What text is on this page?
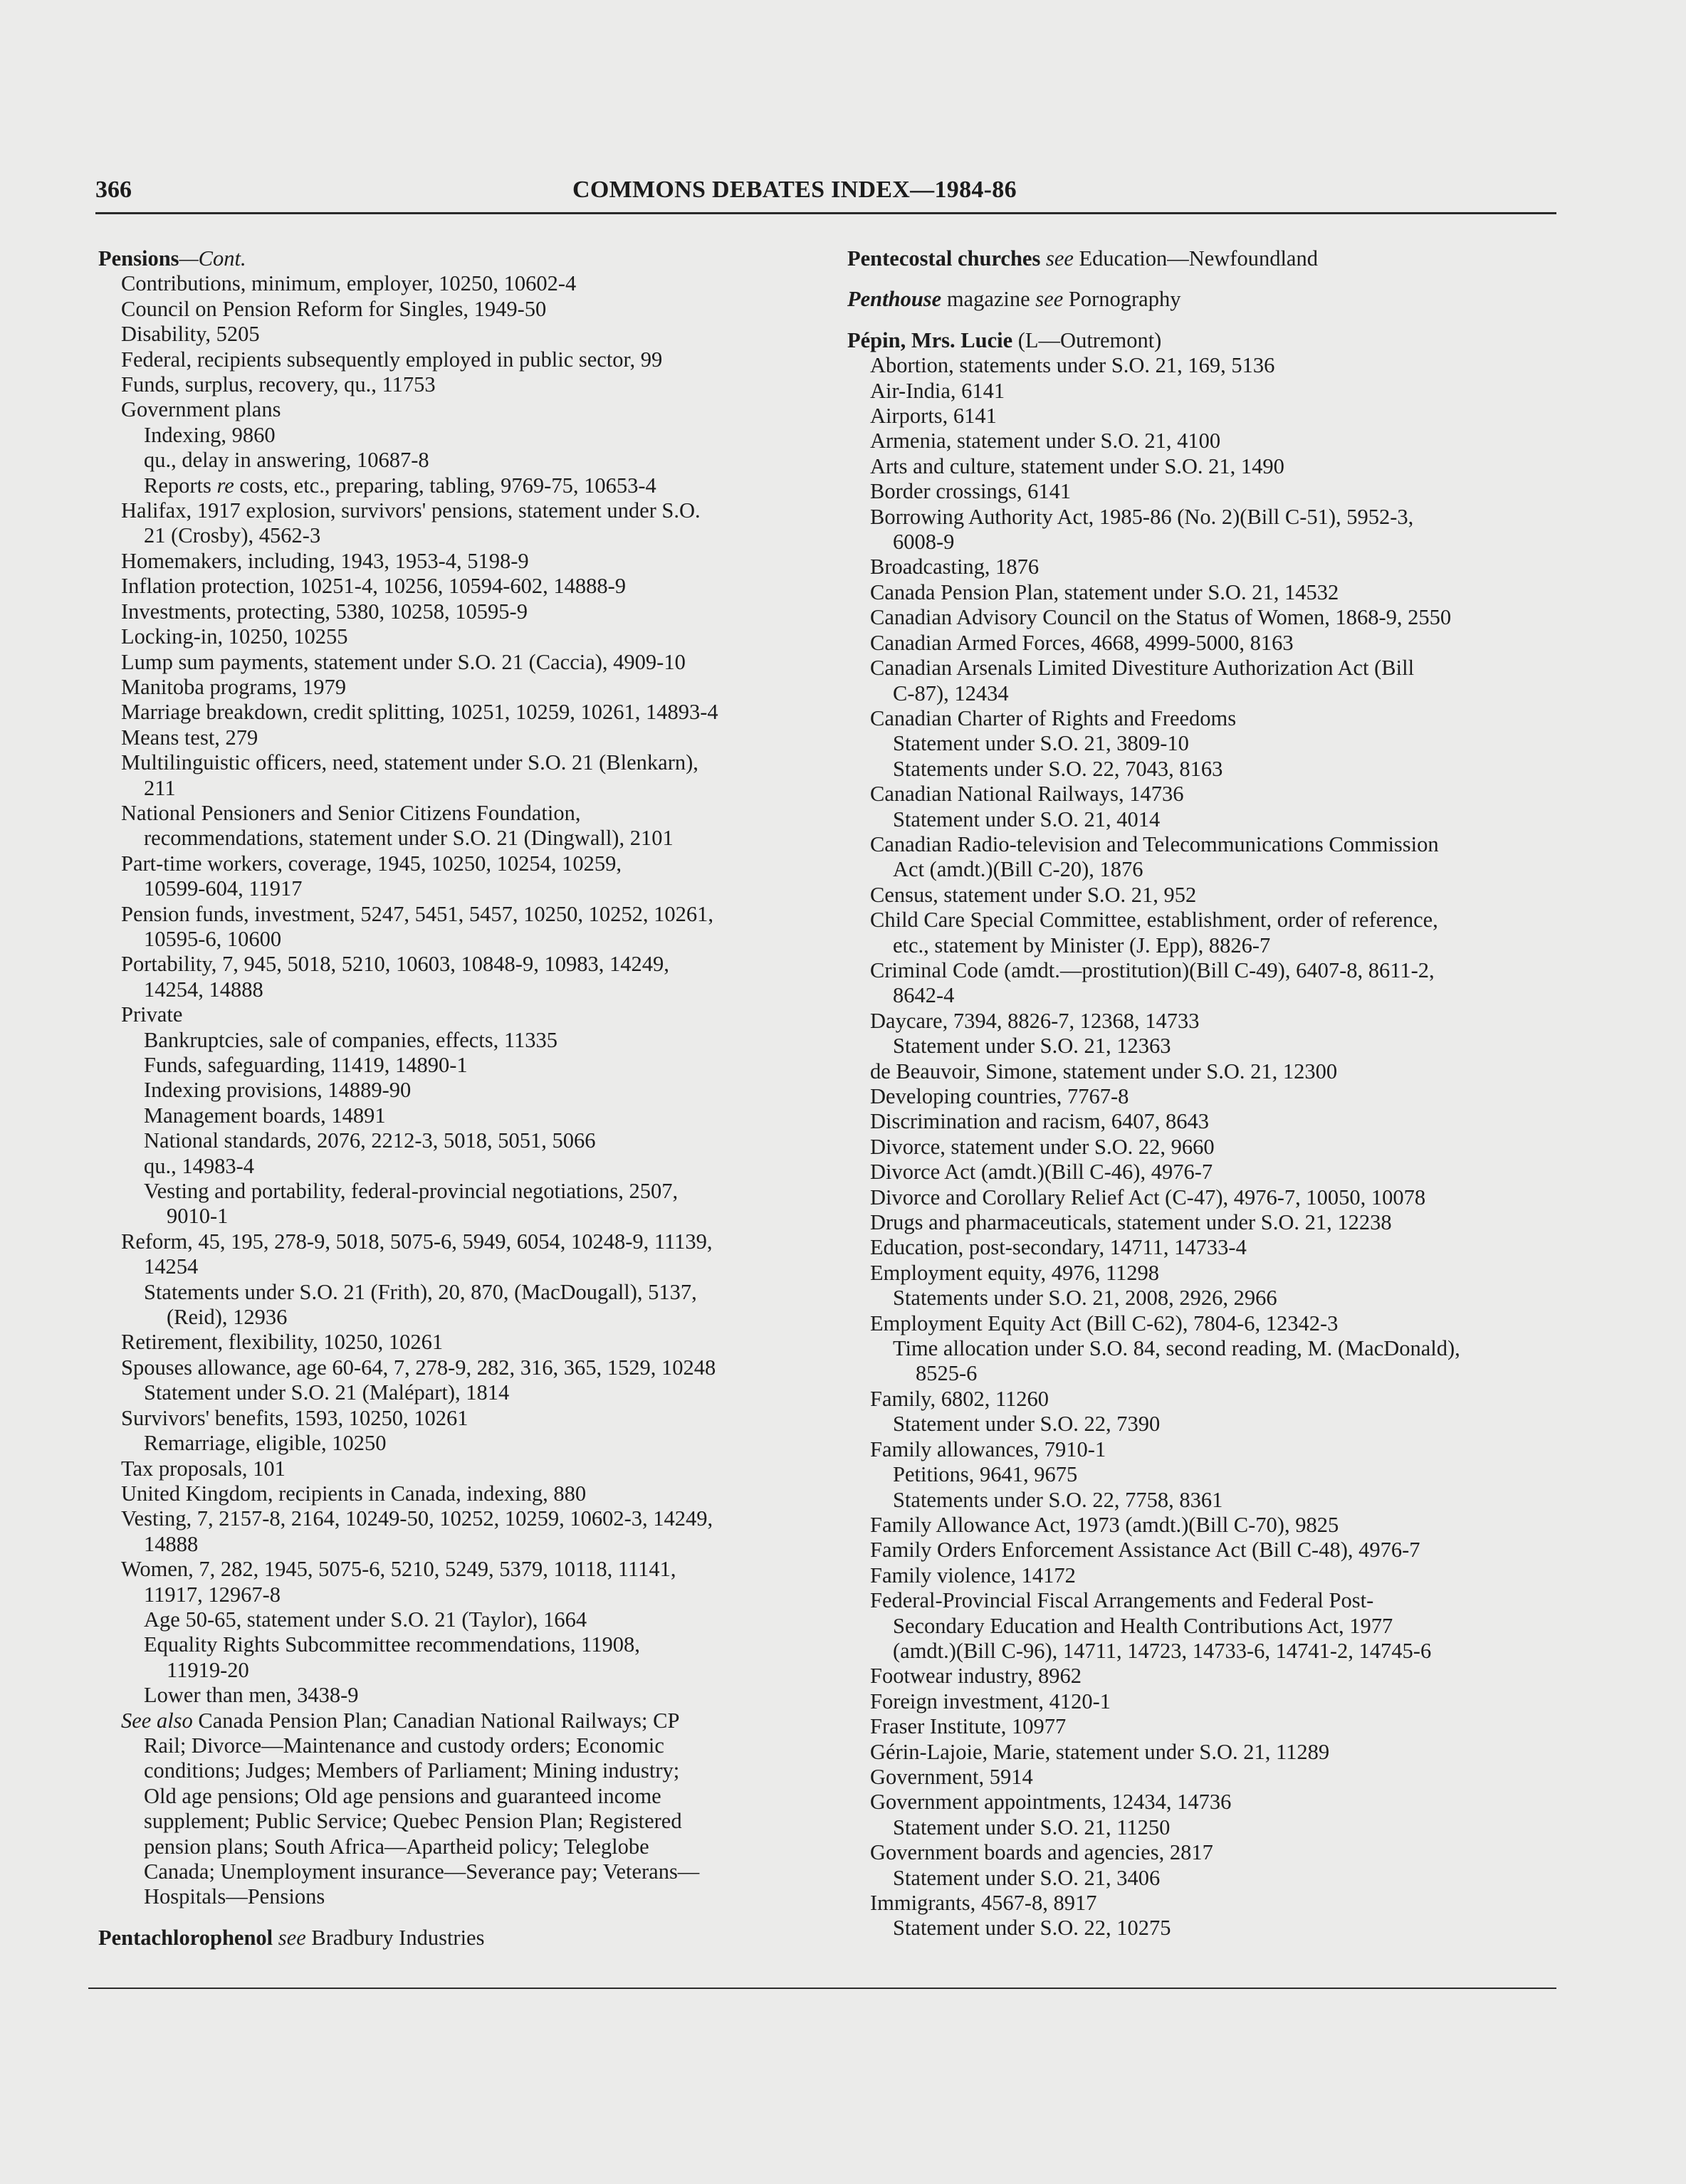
366	COMMONS DEBATES INDEX—1984-86
Pensions—Cont.
Contributions, minimum, employer, 10250, 10602-4
Council on Pension Reform for Singles, 1949-50
Disability, 5205
Federal, recipients subsequently employed in public sector, 99
Funds, surplus, recovery, qu., 11753
Government plans
Indexing, 9860
qu., delay in answering, 10687-8
Reports re costs, etc., preparing, tabling, 9769-75, 10653-4
Halifax, 1917 explosion, survivors' pensions, statement under S.O.
21 (Crosby), 4562-3
Homemakers, including, 1943, 1953-4, 5198-9
Inflation protection, 10251-4, 10256, 10594-602, 14888-9
Investments, protecting, 5380, 10258, 10595-9
Locking-in, 10250, 10255
Lump sum payments, statement under S.O. 21 (Caccia), 4909-10
Manitoba programs, 1979
Marriage breakdown, credit splitting, 10251, 10259, 10261, 14893-4
Means test, 279
Multilinguistic officers, need, statement under S.O. 21 (Blenkarn),
211
National Pensioners and Senior Citizens Foundation,
recommendations, statement under S.O. 21 (Dingwall), 2101
Part-time workers, coverage, 1945, 10250, 10254, 10259,
10599-604, 11917
Pension funds, investment, 5247, 5451, 5457, 10250, 10252, 10261,
10595-6, 10600
Portability, 7, 945, 5018, 5210, 10603, 10848-9, 10983, 14249,
14254, 14888
Private
Bankruptcies, sale of companies, effects, 11335
Funds, safeguarding, 11419, 14890-1
Indexing provisions, 14889-90
Management boards, 14891
National standards, 2076, 2212-3, 5018, 5051, 5066
qu., 14983-4
Vesting and portability, federal-provincial negotiations, 2507,
9010-1
Reform, 45, 195, 278-9, 5018, 5075-6, 5949, 6054, 10248-9, 11139,
14254
Statements under S.O. 21 (Frith), 20, 870, (MacDougall), 5137,
(Reid), 12936
Retirement, flexibility, 10250, 10261
Spouses allowance, age 60-64, 7, 278-9, 282, 316, 365, 1529, 10248
Statement under S.O. 21 (Malépart), 1814
Survivors' benefits, 1593, 10250, 10261
Remarriage, eligible, 10250
Tax proposals, 101
United Kingdom, recipients in Canada, indexing, 880
Vesting, 7, 2157-8, 2164, 10249-50, 10252, 10259, 10602-3, 14249,
14888
Women, 7, 282, 1945, 5075-6, 5210, 5249, 5379, 10118, 11141,
11917, 12967-8
Age 50-65, statement under S.O. 21 (Taylor), 1664
Equality Rights Subcommittee recommendations, 11908,
11919-20
Lower than men, 3438-9
See also Canada Pension Plan; Canadian National Railways; CP
Rail; Divorce—Maintenance and custody orders; Economic
conditions; Judges; Members of Parliament; Mining industry;
Old age pensions; Old age pensions and guaranteed income
supplement; Public Service; Quebec Pension Plan; Registered
pension plans; South Africa—Apartheid policy; Teleglobe
Canada; Unemployment insurance—Severance pay; Veterans—
Hospitals—Pensions
Pentachlorophenol see Bradbury Industries
Pentecostal churches see Education—Newfoundland
Penthouse magazine see Pornography
Pépin, Mrs. Lucie (L—Outremont)
Abortion, statements under S.O. 21, 169, 5136
Air-India, 6141
Airports, 6141
Armenia, statement under S.O. 21, 4100
Arts and culture, statement under S.O. 21, 1490
Border crossings, 6141
Borrowing Authority Act, 1985-86 (No. 2)(Bill C-51), 5952-3,
6008-9
Broadcasting, 1876
Canada Pension Plan, statement under S.O. 21, 14532
Canadian Advisory Council on the Status of Women, 1868-9, 2550
Canadian Armed Forces, 4668, 4999-5000, 8163
Canadian Arsenals Limited Divestiture Authorization Act (Bill
C-87), 12434
Canadian Charter of Rights and Freedoms
Statement under S.O. 21, 3809-10
Statements under S.O. 22, 7043, 8163
Canadian National Railways, 14736
Statement under S.O. 21, 4014
Canadian Radio-television and Telecommunications Commission
Act (amdt.)(Bill C-20), 1876
Census, statement under S.O. 21, 952
Child Care Special Committee, establishment, order of reference,
etc., statement by Minister (J. Epp), 8826-7
Criminal Code (amdt.—prostitution)(Bill C-49), 6407-8, 8611-2,
8642-4
Daycare, 7394, 8826-7, 12368, 14733
Statement under S.O. 21, 12363
de Beauvoir, Simone, statement under S.O. 21, 12300
Developing countries, 7767-8
Discrimination and racism, 6407, 8643
Divorce, statement under S.O. 22, 9660
Divorce Act (amdt.)(Bill C-46), 4976-7
Divorce and Corollary Relief Act (C-47), 4976-7, 10050, 10078
Drugs and pharmaceuticals, statement under S.O. 21, 12238
Education, post-secondary, 14711, 14733-4
Employment equity, 4976, 11298
Statements under S.O. 21, 2008, 2926, 2966
Employment Equity Act (Bill C-62), 7804-6, 12342-3
Time allocation under S.O. 84, second reading, M. (MacDonald),
8525-6
Family, 6802, 11260
Statement under S.O. 22, 7390
Family allowances, 7910-1
Petitions, 9641, 9675
Statements under S.O. 22, 7758, 8361
Family Allowance Act, 1973 (amdt.)(Bill C-70), 9825
Family Orders Enforcement Assistance Act (Bill C-48), 4976-7
Family violence, 14172
Federal-Provincial Fiscal Arrangements and Federal Post-
Secondary Education and Health Contributions Act, 1977
(amdt.)(Bill C-96), 14711, 14723, 14733-6, 14741-2, 14745-6
Footwear industry, 8962
Foreign investment, 4120-1
Fraser Institute, 10977
Gérin-Lajoie, Marie, statement under S.O. 21, 11289
Government, 5914
Government appointments, 12434, 14736
Statement under S.O. 21, 11250
Government boards and agencies, 2817
Statement under S.O. 21, 3406
Immigrants, 4567-8, 8917
Statement under S.O. 22, 10275
